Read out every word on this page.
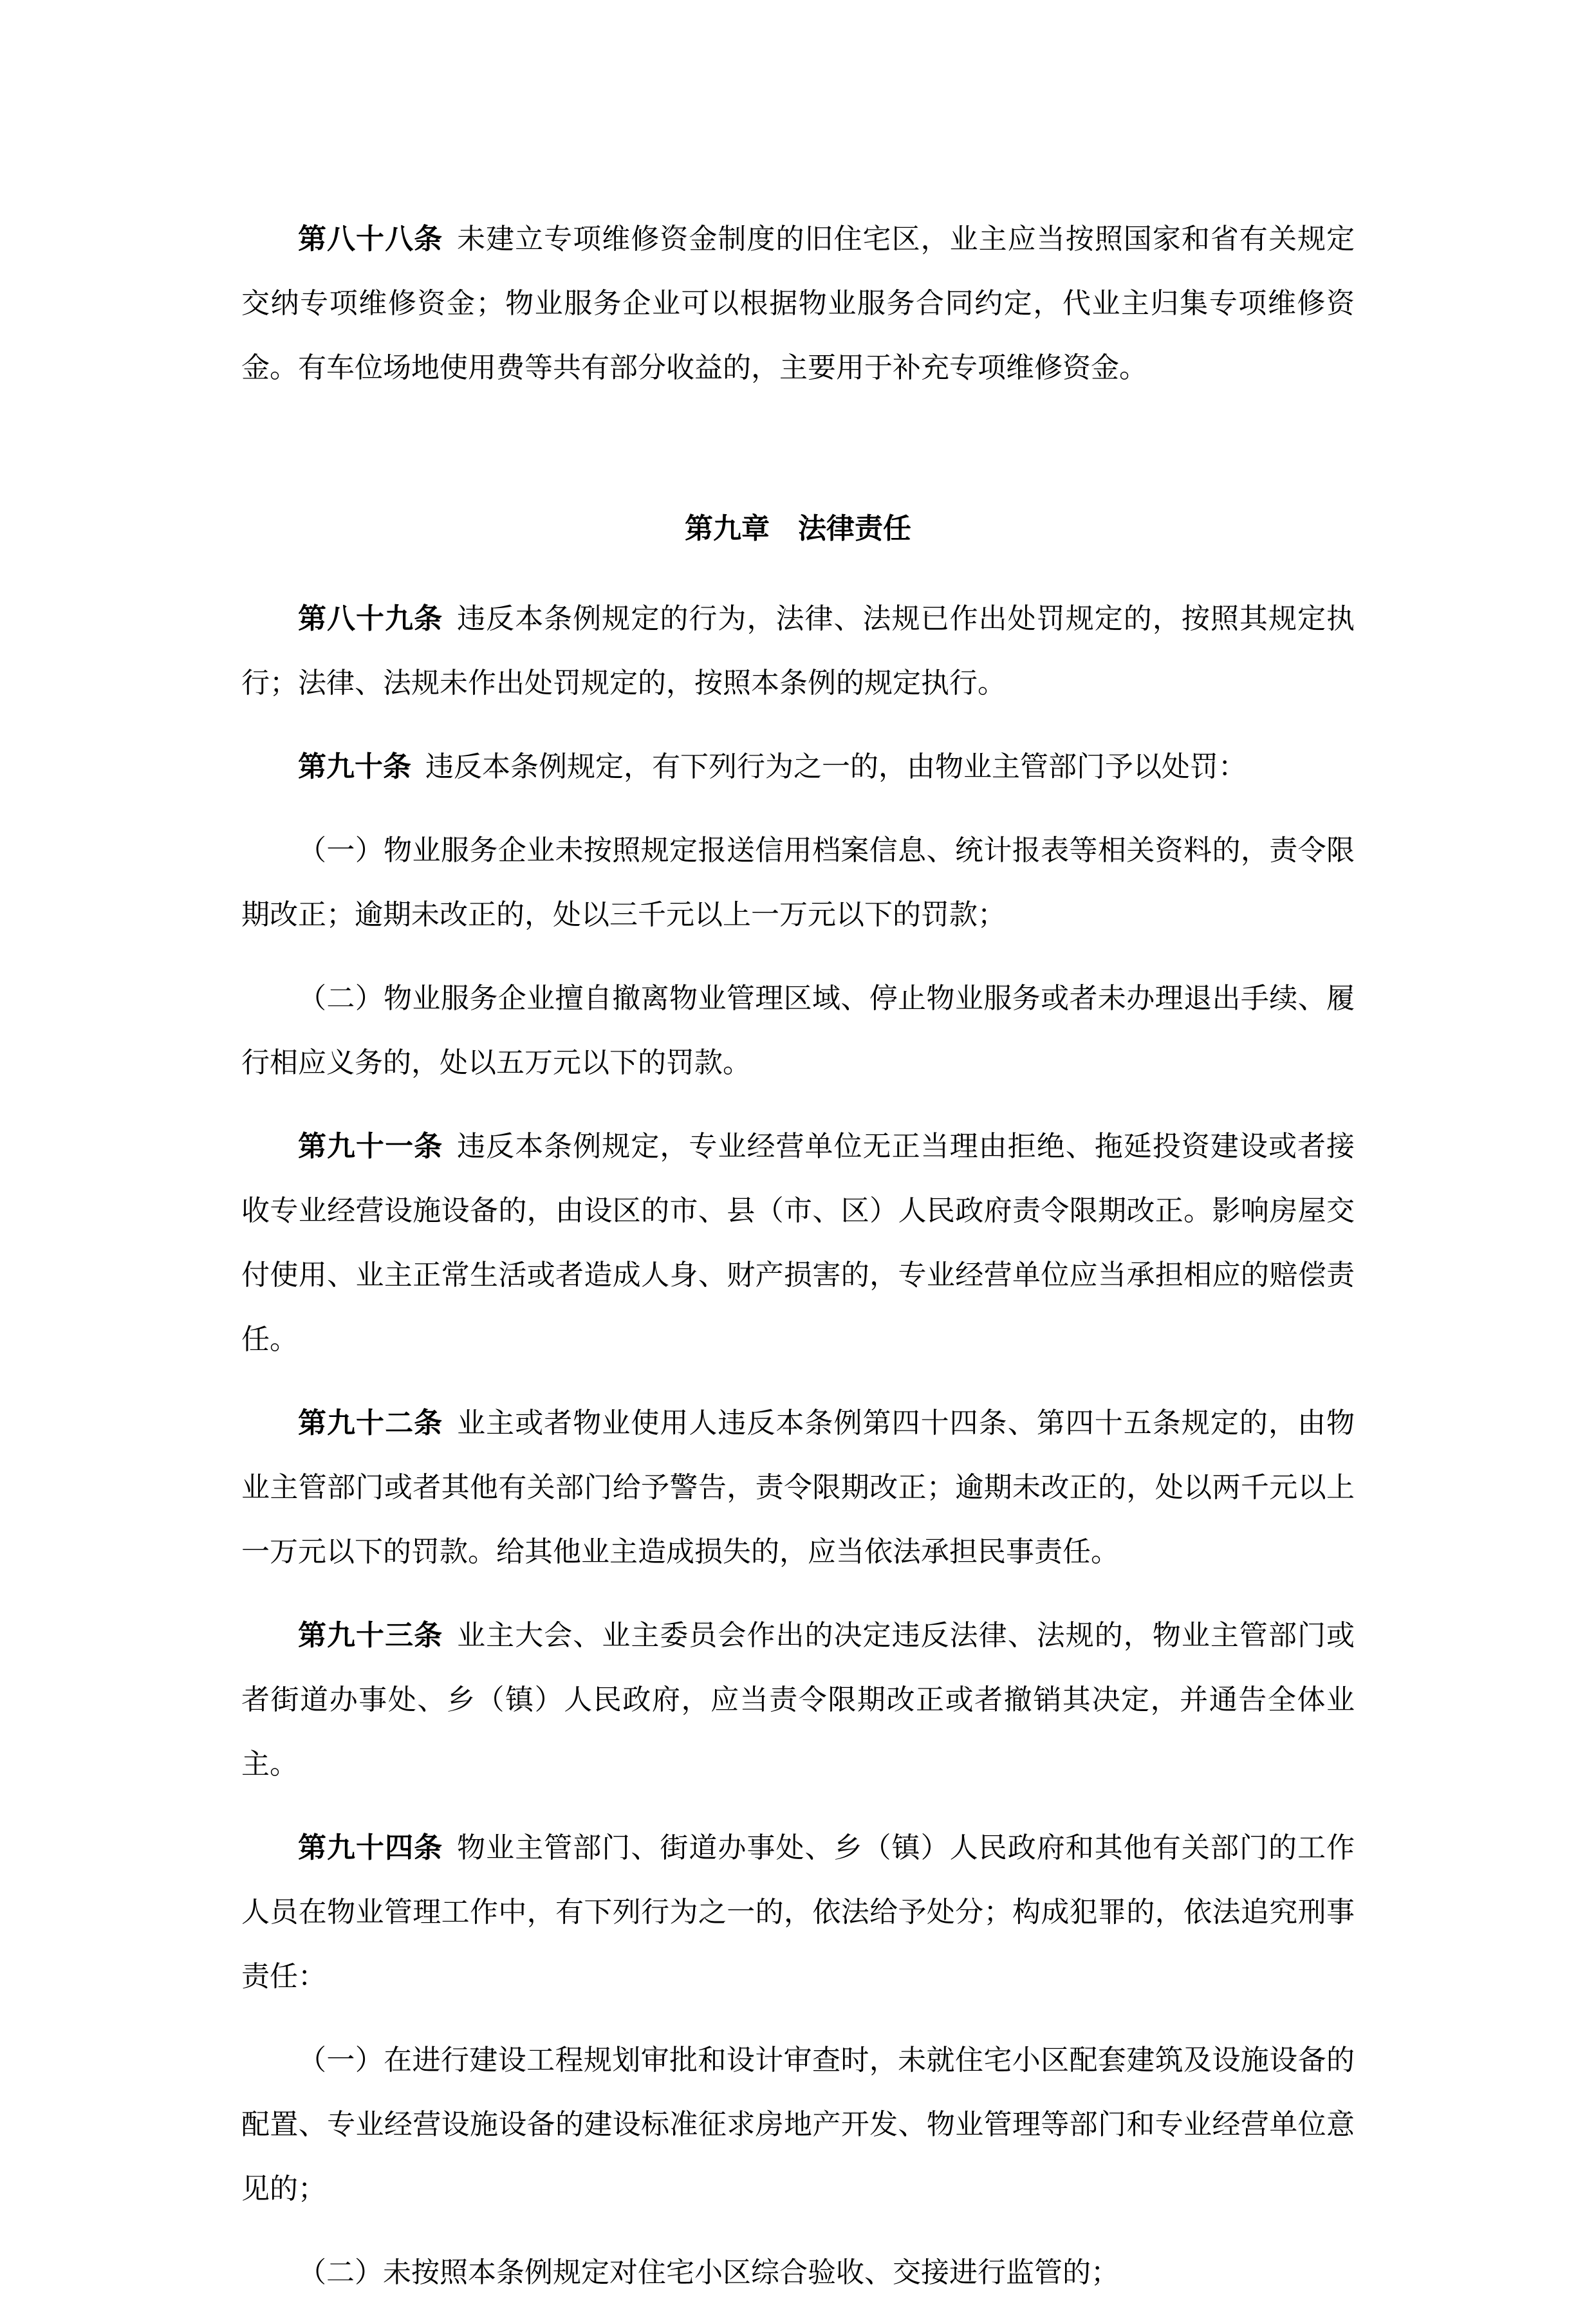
第八十八条 未建立专项维修资金制度的旧住宅区，业主应当按照国家和省有关规定交纳专项维修资金；物业服务企业可以根据物业服务合同约定，代业主归集专项维修资金。有车位场地使用费等共有部分收益的，主要用于补充专项维修资金。

第九章　法律责任

第八十九条 违反本条例规定的行为，法律、法规已作出处罚规定的，按照其规定执行；法律、法规未作出处罚规定的，按照本条例的规定执行。

第九十条 违反本条例规定，有下列行为之一的，由物业主管部门予以处罚：

（一）物业服务企业未按照规定报送信用档案信息、统计报表等相关资料的，责令限期改正；逾期未改正的，处以三千元以上一万元以下的罚款；

（二）物业服务企业擅自撤离物业管理区域、停止物业服务或者未办理退出手续、履行相应义务的，处以五万元以下的罚款。

第九十一条 违反本条例规定，专业经营单位无正当理由拒绝、拖延投资建设或者接收专业经营设施设备的，由设区的市、县（市、区）人民政府责令限期改正。影响房屋交付使用、业主正常生活或者造成人身、财产损害的，专业经营单位应当承担相应的赔偿责任。

第九十二条 业主或者物业使用人违反本条例第四十四条、第四十五条规定的，由物业主管部门或者其他有关部门给予警告，责令限期改正；逾期未改正的，处以两千元以上一万元以下的罚款。给其他业主造成损失的，应当依法承担民事责任。

第九十三条 业主大会、业主委员会作出的决定违反法律、法规的，物业主管部门或者街道办事处、乡（镇）人民政府，应当责令限期改正或者撤销其决定，并通告全体业主。

第九十四条 物业主管部门、街道办事处、乡（镇）人民政府和其他有关部门的工作人员在物业管理工作中，有下列行为之一的，依法给予处分；构成犯罪的，依法追究刑事责任：

（一）在进行建设工程规划审批和设计审查时，未就住宅小区配套建筑及设施设备的配置、专业经营设施设备的建设标准征求房地产开发、物业管理等部门和专业经营单位意见的；

（二）未按照本条例规定对住宅小区综合验收、交接进行监管的；
